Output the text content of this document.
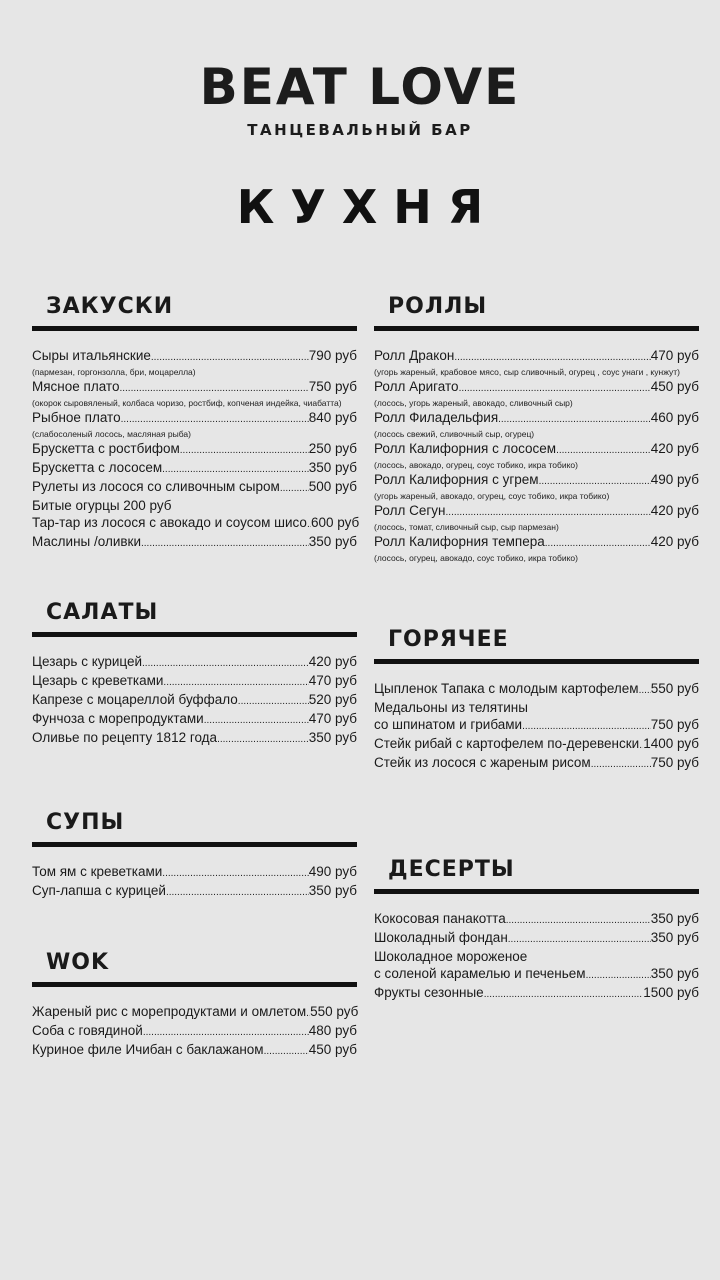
BEAT LOVE
ТАНЦЕВАЛЬНЫЙ БАР
КУХНЯ
ЗАКУСКИ
Сыры итальянские .....	790 руб
(пармезан, горгонзолла, бри, моцарелла)
Мясное плато .....	750 руб
(окорок сыровяленый, колбаса чоризо, ростбиф, копченая индейка, чиабатта)
Рыбное плато .....	840 руб
(слабосоленый лосось, масляная рыба)
Брускетта с ростбифом .....	250 руб
Брускетта с лососем .....	350 руб
Рулеты из лосося со сливочным сыром ..... 500 руб
Битые огурцы 200 руб
Тар-тар из лосося с авокадо и соусом шисо ..... 600 руб
Маслины /оливки .....	350 руб
РОЛЛЫ
Ролл Дракон .....	470 руб
(угорь жареный, крабовое мясо, сыр сливочный, огурец , соус унаги , кунжут)
Ролл Аригато .....	450 руб
(лосось, угорь жареный, авокадо, сливочный сыр)
Ролл Филадельфия .....	460 руб
(лосось свежий, сливочный сыр, огурец)
Ролл Калифорния с лососем .....	420 руб
(лосось, авокадо, огурец, соус тобико, икра тобико)
Ролл Калифорния с угрем .....	490 руб
(угорь жареный, авокадо, огурец, соус тобико, икра тобико)
Ролл Сегун .....	420 руб
(лосось, томат, сливочный сыр, сыр пармезан)
Ролл Калифорния темпера .....	420 руб
(лосось, огурец, авокадо, соус тобико, икра тобико)
САЛАТЫ
Цезарь с курицей .....	420 руб
Цезарь с креветками .....	470 руб
Капрезе с моцареллой буффало .....	520 руб
Фунчоза с морепродуктами .....	470 руб
Оливье по рецепту 1812 года .....	350 руб
ГОРЯЧЕЕ
Цыпленок Тапака с молодым картофелем ..... 550 руб
Медальоны из телятины
со шпинатом и грибами .....	750 руб
Стейк рибай с картофелем по-деревенски ..... 1400 руб
Стейк из лосося с жареным рисом .....	750 руб
СУПЫ
Том ям с креветками .....	490 руб
Суп-лапша с курицей .....	350 руб
ДЕСЕРТЫ
Кокосовая панакотта .....	350 руб
Шоколадный фондан .....	350 руб
Шоколадное мороженое
с соленой карамелью и печеньем .....	350 руб
Фрукты сезонные .....	1500 руб
WOK
Жареный рис с морепродуктами и омлетом ..... 550 руб
Соба с говядиной .....	480 руб
Куриное филе Ичибан с баклажаном .....	450 руб
